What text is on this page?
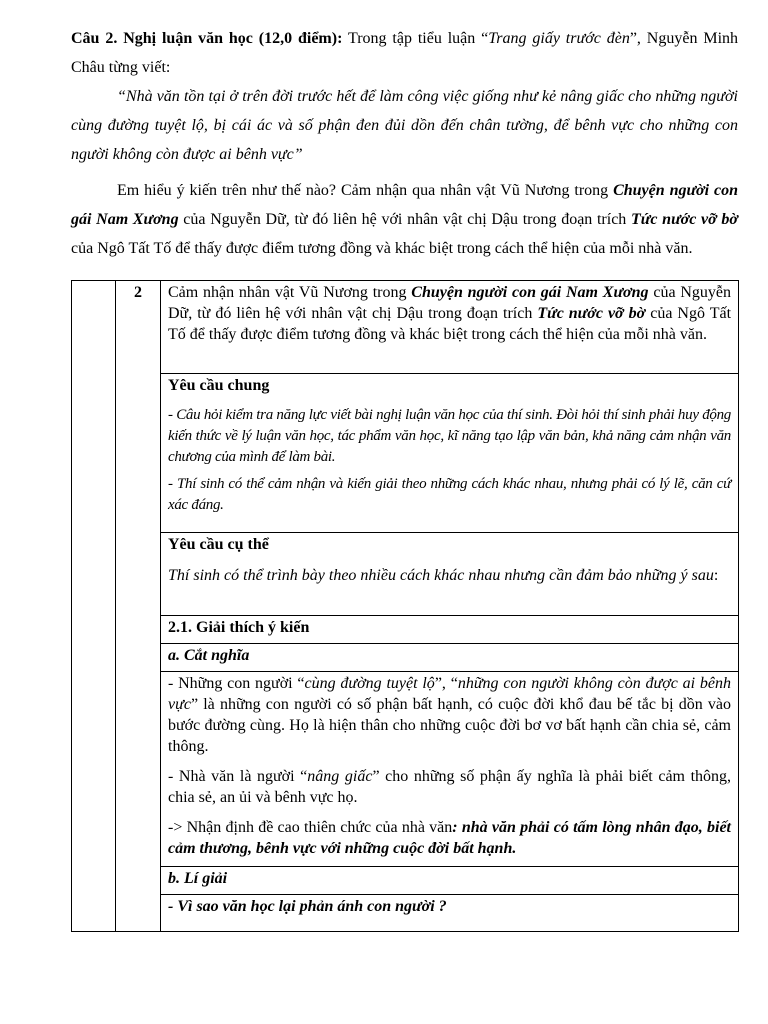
Câu 2. Nghị luận văn học (12,0 điểm): Trong tập tiểu luận “Trang giấy trước đèn”, Nguyễn Minh Châu từng viết:

“Nhà văn tồn tại ở trên đời trước hết để làm công việc giống như kẻ nâng giấc cho những người cùng đường tuyệt lộ, bị cái ác và số phận đen đủi dồn đến chân tường, để bênh vực cho những con người không còn được ai bênh vực”

Em hiểu ý kiến trên như thế nào? Cảm nhận qua nhân vật Vũ Nương trong Chuyện người con gái Nam Xương của Nguyễn Dữ, từ đó liên hệ với nhân vật chị Dậu trong đoạn trích Tức nước vỡ bờ của Ngô Tất Tố để thấy được điểm tương đồng và khác biệt trong cách thể hiện của mỗi nhà văn.

	2	Cảm nhận nhân vật Vũ Nương trong Chuyện người con gái Nam Xương của Nguyễn Dữ, từ đó liên hệ với nhân vật chị Dậu trong đoạn trích Tức nước vỡ bờ của Ngô Tất Tố để thấy được điểm tương đồng và khác biệt trong cách thể hiện của mỗi nhà văn.

Yêu cầu chung

- Câu hỏi kiểm tra năng lực viết bài nghị luận văn học của thí sinh. Đòi hỏi thí sinh phải huy động kiến thức về lý luận văn học, tác phẩm văn học, kĩ năng tạo lập văn bản, khả năng cảm nhận văn chương của mình để làm bài.

- Thí sinh có thể cảm nhận và kiến giải theo những cách khác nhau, nhưng phải có lý lẽ, căn cứ xác đáng.

Yêu cầu cụ thể

Thí sinh có thể trình bày theo nhiều cách khác nhau nhưng cần đảm bảo những ý sau:

2.1. Giải thích ý kiến
a. Cắt nghĩa

- Những con người “cùng đường tuyệt lộ”, “những con người không còn được ai bênh vực” là những con người có số phận bất hạnh, có cuộc đời khổ đau bế tắc bị dồn vào bước đường cùng. Họ là hiện thân cho những cuộc đời bơ vơ bất hạnh cần chia sẻ, cảm thông.

- Nhà văn là người “nâng giấc” cho những số phận ấy nghĩa là phải biết cảm thông, chia sẻ, an ủi và bênh vực họ.

-> Nhận định đề cao thiên chức của nhà văn: nhà văn phải có tấm lòng nhân đạo, biết cảm thương, bênh vực với những cuộc đời bất hạnh.

b. Lí giải
- Vì sao văn học lại phản ánh con người ?
